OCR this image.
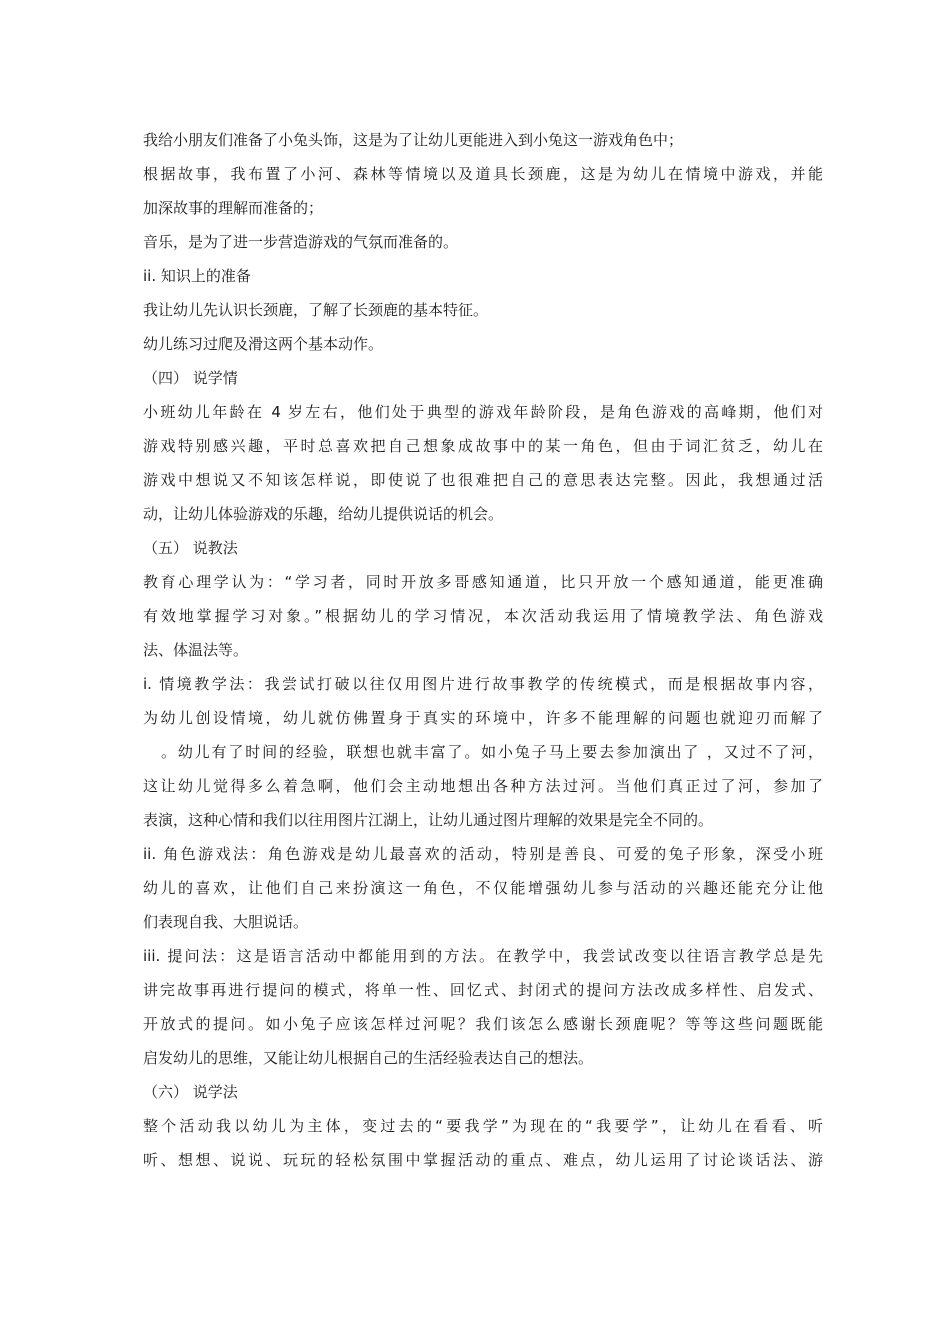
我给小朋友们准备了小兔头饰，这是为了让幼儿更能进入到小兔这一游戏角色中；
根据故事，我布置了小河、森林等情境以及道具长颈鹿，这是为幼儿在情境中游戏，并能
加深故事的理解而准备的；
音乐，是为了进一步营造游戏的气氛而准备的。
ii. 知识上的准备
我让幼儿先认识长颈鹿，了解了长颈鹿的基本特征。
幼儿练习过爬及滑这两个基本动作。
（四） 说学情
小班幼儿年龄在 4 岁左右，他们处于典型的游戏年龄阶段，是角色游戏的高峰期，他们对
游戏特别感兴趣，平时总喜欢把自己想象成故事中的某一角色，但由于词汇贫乏，幼儿在
游戏中想说又不知该怎样说，即使说了也很难把自己的意思表达完整。因此，我想通过活
动，让幼儿体验游戏的乐趣，给幼儿提供说话的机会。
（五） 说教法
教育心理学认为：“学习者，同时开放多哥感知通道，比只开放一个感知通道，能更准确
有效地掌握学习对象。”根据幼儿的学习情况，本次活动我运用了情境教学法、角色游戏
法、体温法等。
i. 情境教学法：我尝试打破以往仅用图片进行故事教学的传统模式，而是根据故事内容，
为幼儿创设情境，幼儿就仿佛置身于真实的环境中，许多不能理解的问题也就迎刃而解了
。幼儿有了时间的经验，联想也就丰富了。如小兔子马上要去参加演出了 ，又过不了河，
这让幼儿觉得多么着急啊，他们会主动地想出各种方法过河。当他们真正过了河，参加了
表演，这种心情和我们以往用图片江湖上，让幼儿通过图片理解的效果是完全不同的。
ii. 角色游戏法：角色游戏是幼儿最喜欢的活动，特别是善良、可爱的兔子形象，深受小班
幼儿的喜欢，让他们自己来扮演这一角色，不仅能增强幼儿参与活动的兴趣还能充分让他
们表现自我、大胆说话。
iii. 提问法：这是语言活动中都能用到的方法。在教学中，我尝试改变以往语言教学总是先
讲完故事再进行提问的模式，将单一性、回忆式、封闭式的提问方法改成多样性、启发式、
开放式的提问。如小兔子应该怎样过河呢？我们该怎么感谢长颈鹿呢？等等这些问题既能
启发幼儿的思维，又能让幼儿根据自己的生活经验表达自己的想法。
（六） 说学法
整个活动我以幼儿为主体，变过去的“要我学”为现在的“我要学”，让幼儿在看看、听
听、想想、说说、玩玩的轻松氛围中掌握活动的重点、难点，幼儿运用了讨论谈话法、游
